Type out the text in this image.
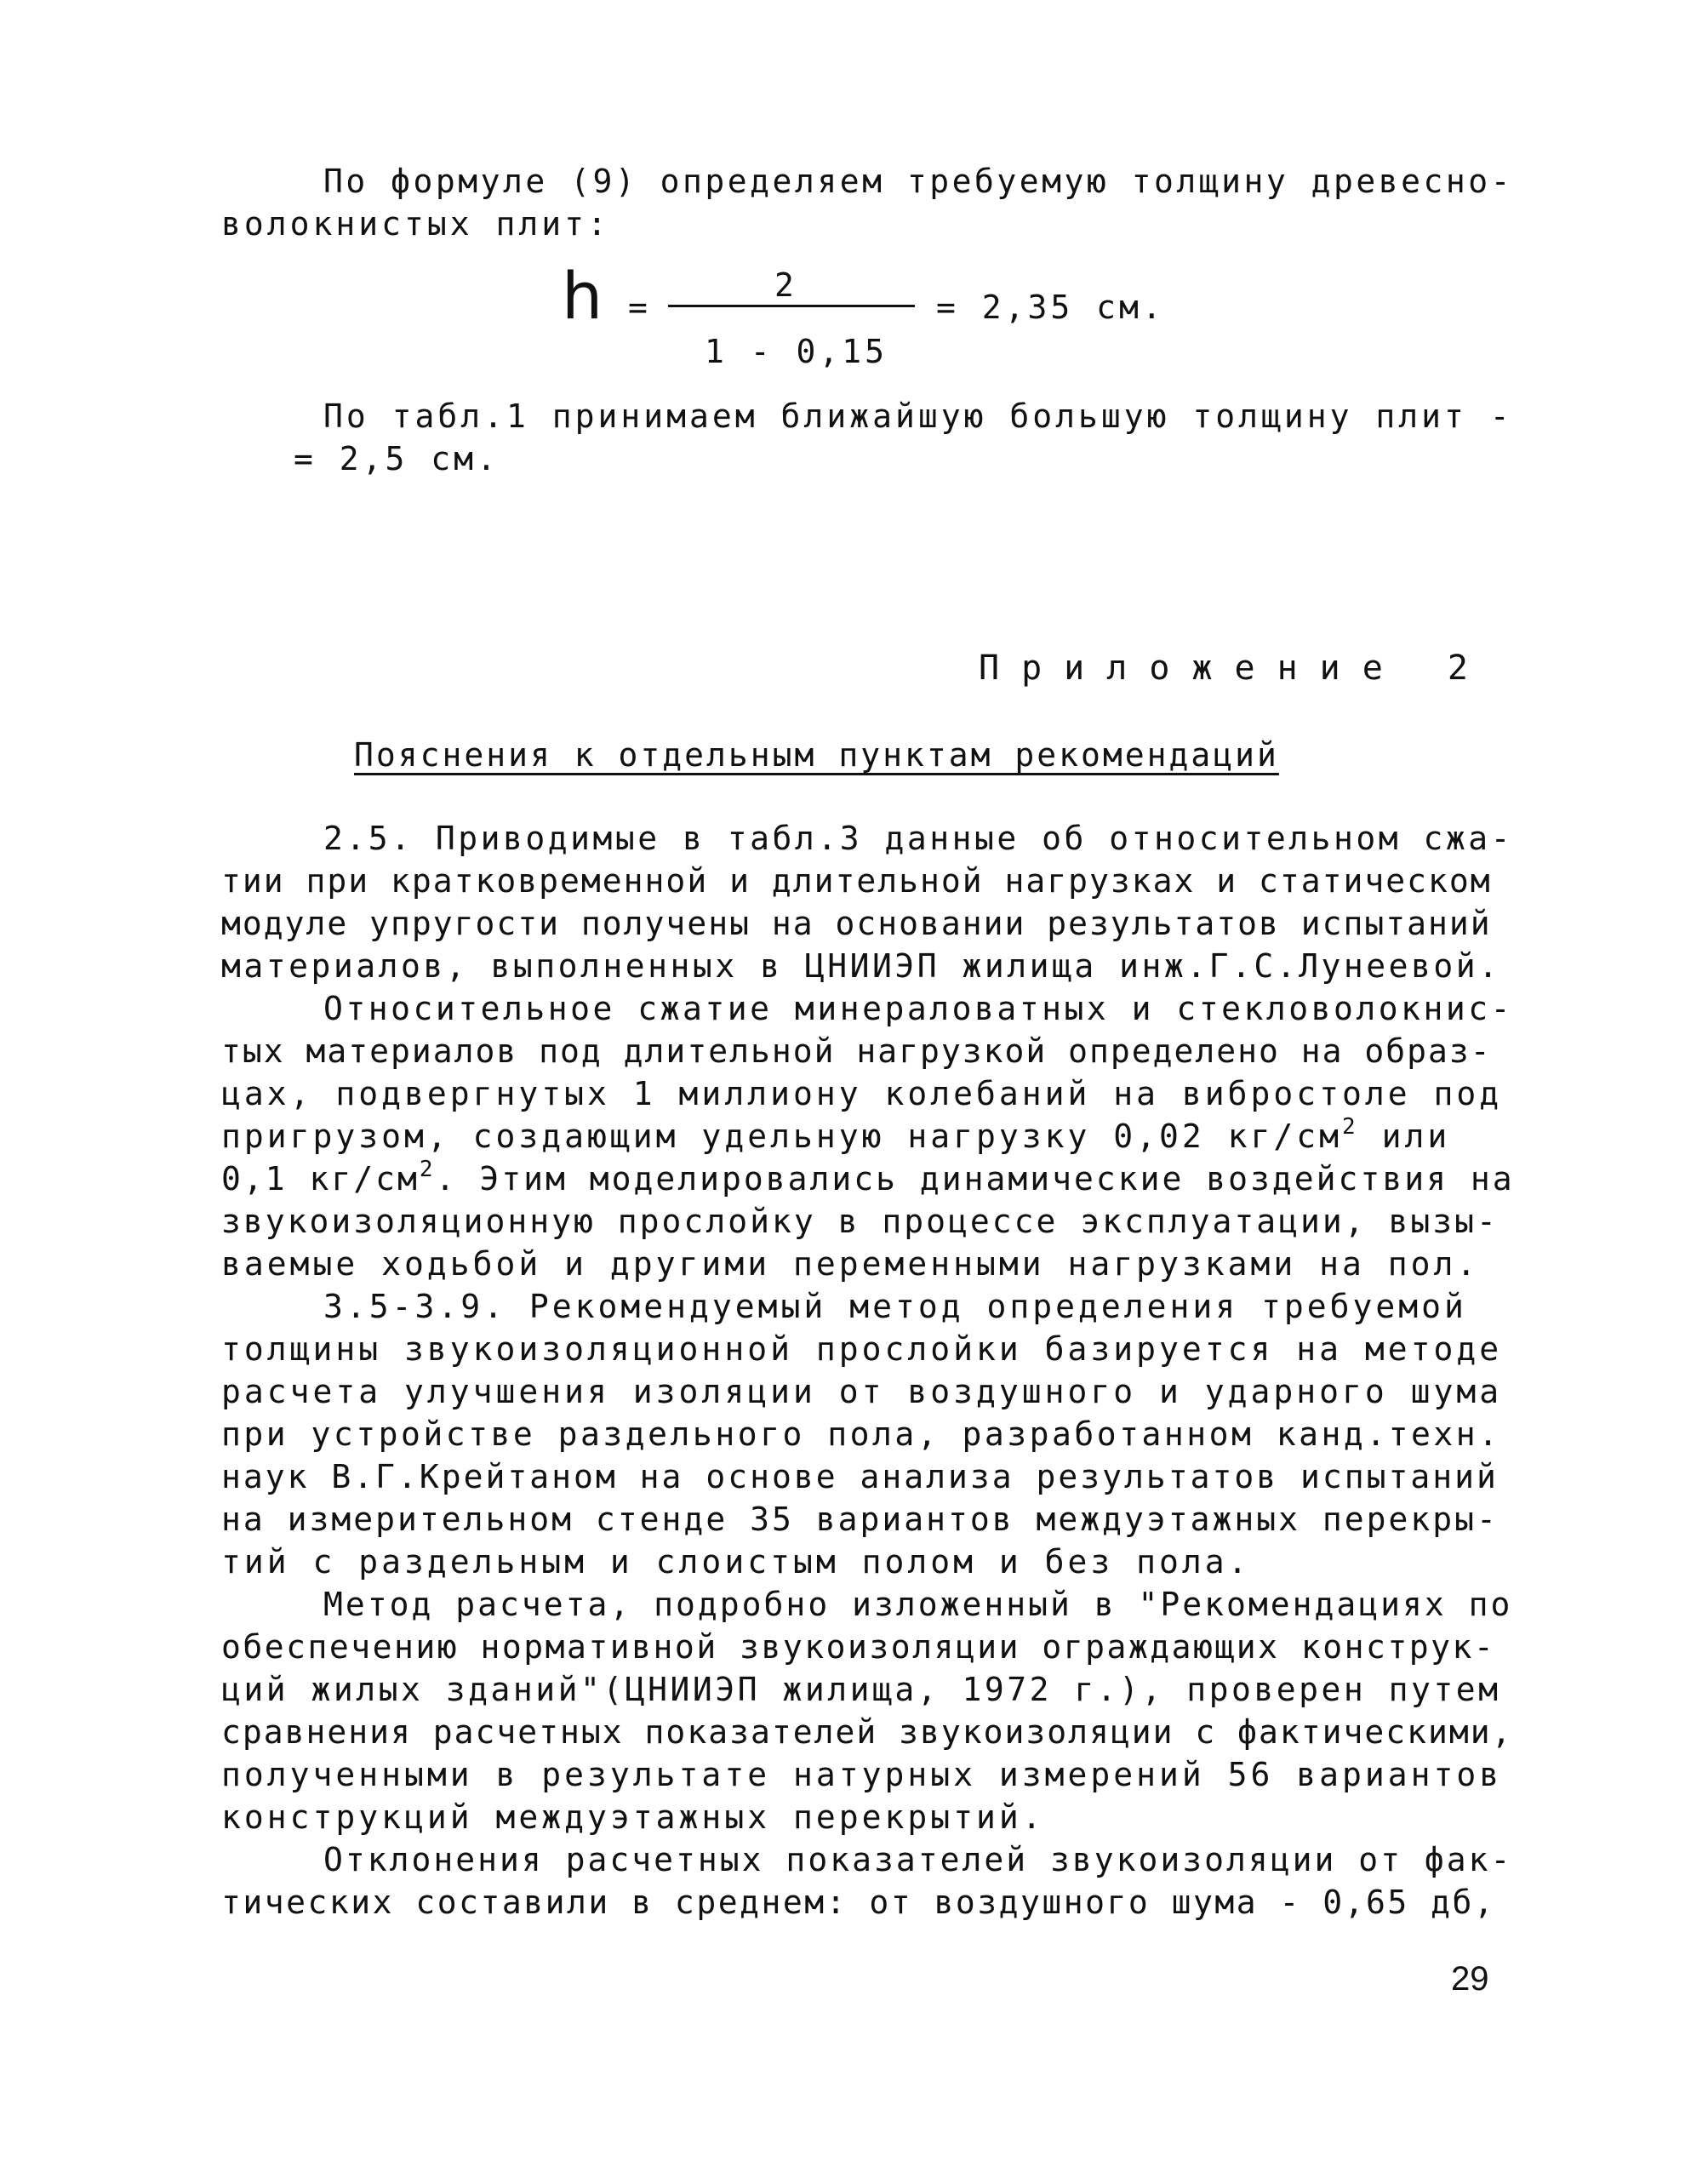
По формуле (9) определяем требуемую толщину древесно-
волокнистых плит:
h =
2
1 - 0,15
= 2,35 см.
По табл.1 принимаем ближайшую большую толщину плит -
= 2,5 см.
Приложение 2
Пояснения к отдельным пунктам рекомендаций
2.5. Приводимые в табл.3 данные об относительном сжа-
тии при кратковременной и длительной нагрузках и статическом
модуле упругости получены на основании результатов испытаний
материалов, выполненных в ЦНИИЭП жилища инж.Г.С.Лунеевой.
Относительное сжатие минераловатных и стекловолокнис-
тых материалов под длительной нагрузкой определено на образ-
цах, подвергнутых 1 миллиону колебаний на вибростоле под
пригрузом, создающим удельную нагрузку 0,02 $кг/см^2$ или
0,1 $кг/см^2$. Этим моделировались динамические воздействия на
звукоизоляционную прослойку в процессе эксплуатации, вызы-
ваемые ходьбой и другими переменными нагрузками на пол.
3.5-3.9. Рекомендуемый метод определения требуемой
толщины звукоизоляционной прослойки базируется на методе
расчета улучшения изоляции от воздушного и ударного шума
при устройстве раздельного пола, разработанном канд.техн.
наук В.Г.Крейтаном на основе анализа результатов испытаний
на измерительном стенде 35 вариантов междуэтажных перекры-
тий с раздельным и слоистым полом и без пола.
Метод расчета, подробно изложенный в "Рекомендациях по
обеспечению нормативной звукоизоляции ограждающих конструк-
ций жилых зданий"(ЦНИИЭП жилища, 1972 г.), проверен путем
сравнения расчетных показателей звукоизоляции с фактическими,
полученными в результате натурных измерений 56 вариантов
конструкций междуэтажных перекрытий.
Отклонения расчетных показателей звукоизоляции от фак-
тических составили в среднем: от воздушного шума - 0,65 дб,
29
